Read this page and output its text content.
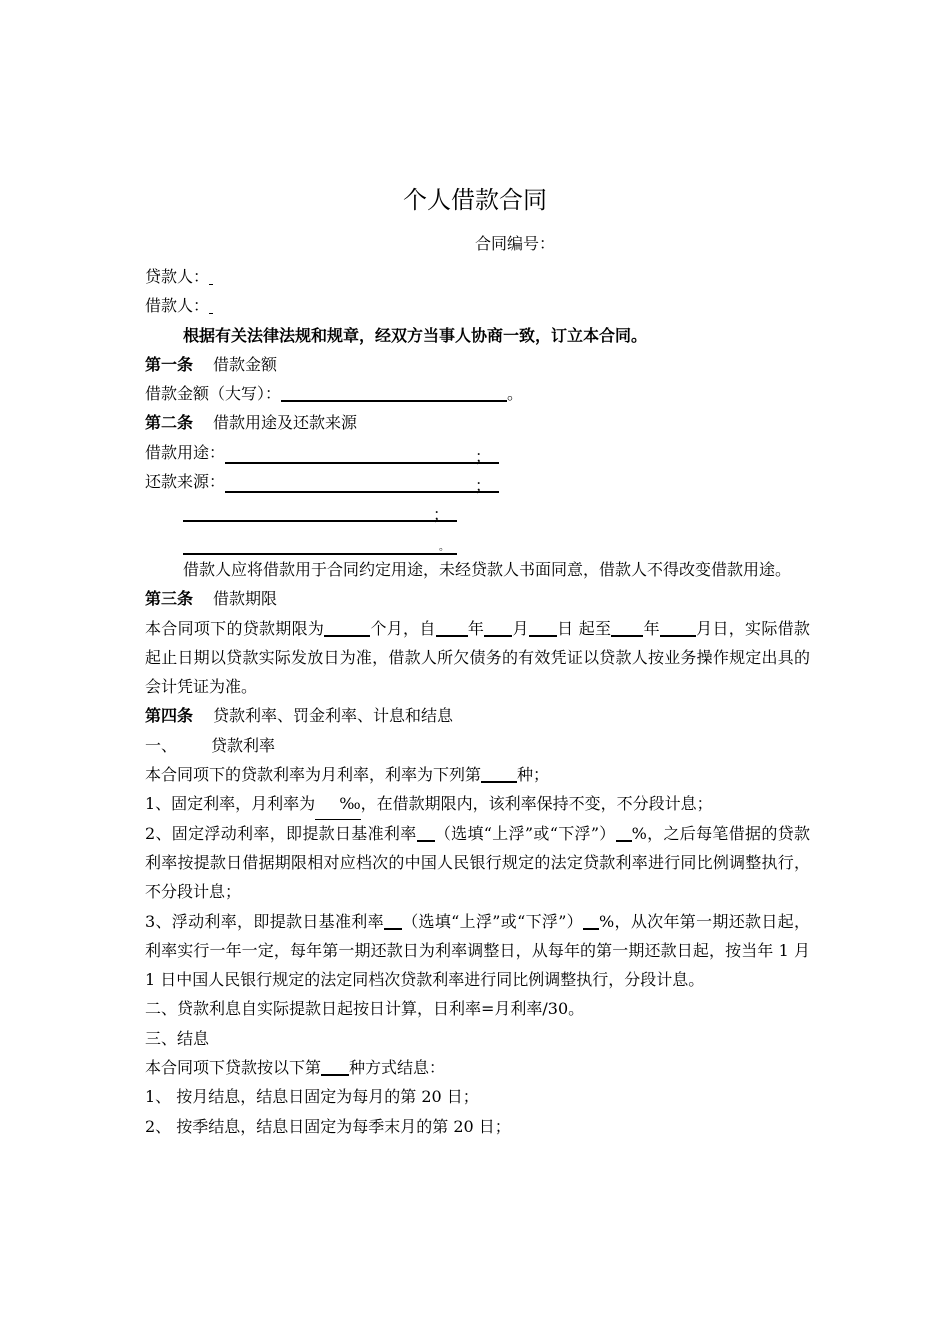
个人借款合同
合同编号：
贷款人：
借款人：
根据有关法律法规和规章，经双方当事人协商一致，订立本合同。
第一条 借款金额
借款金额（大写）：	。
第二条 借款用途及还款来源
借款用途：	；
还款来源：	；
；
。
借款人应将借款用于合同约定用途，未经贷款人书面同意，借款人不得改变借款用途。
第三条 借款期限
本合同项下的贷款期限为	个月，自 年 月 日 起至 年 月日，实际借款起止日期以贷款实际发放日为准，借款人所欠债务的有效凭证以贷款人按业务操作规定出具的会计凭证为准。
第四条 贷款利率、罚金利率、计息和结息
一、 贷款利率
本合同项下的贷款利率为月利率，利率为下列第 种；
1、固定利率，月利率为 ‰，在借款期限内，该利率保持不变，不分段计息；
2、固定浮动利率，即提款日基准利率 （选填“上浮”或“下浮”） %，之后每笔借据的贷款利率按提款日借据期限相对应档次的中国人民银行规定的法定贷款利率进行同比例调整执行，不分段计息；
3、浮动利率，即提款日基准利率 （选填“上浮”或“下浮”） %，从次年第一期还款日起，利率实行一年一定，每年第一期还款日为利率调整日，从每年的第一期还款日起，按当年 1 月 1 日中国人民银行规定的法定同档次贷款利率进行同比例调整执行，分段计息。
二、贷款利息自实际提款日起按日计算，日利率=月利率/30。
三、结息
本合同项下贷款按以下第 种方式结息：
1、 按月结息，结息日固定为每月的第 20 日；
2、 按季结息，结息日固定为每季末月的第 20 日；
